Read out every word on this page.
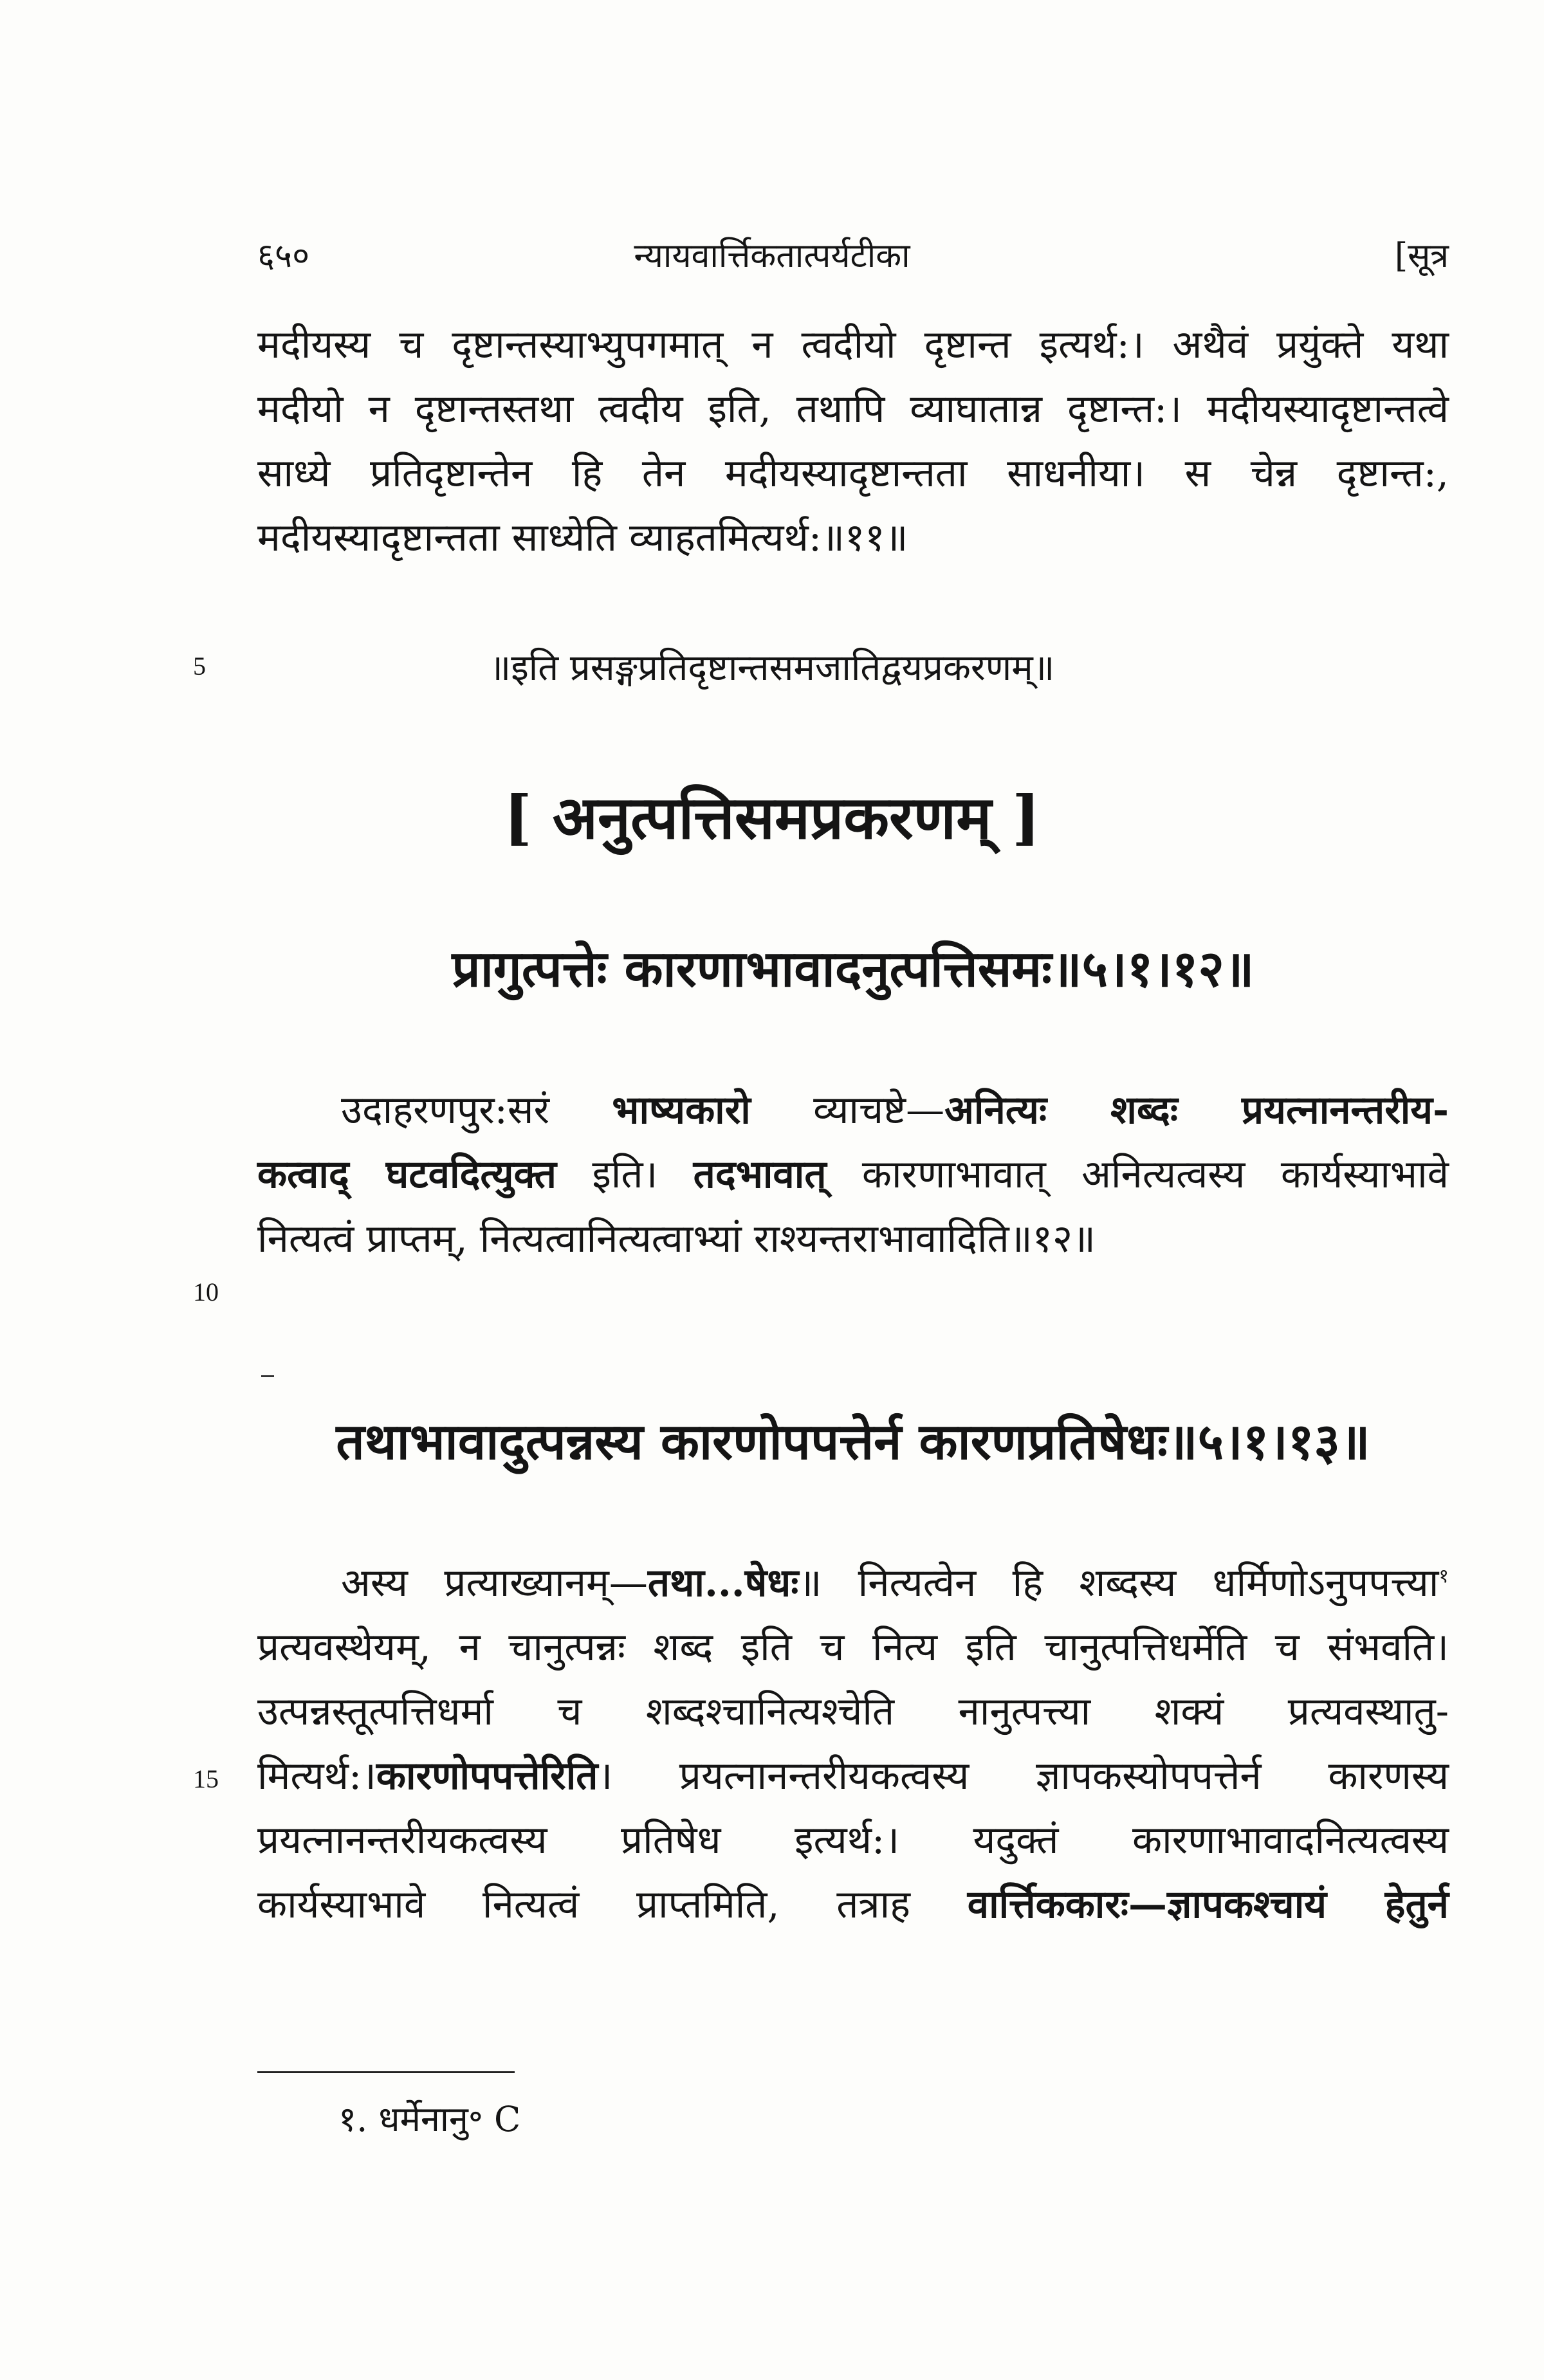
६५०	न्यायवार्त्तिकतात्पर्यटीका	[सूत्र
मदीयस्य च दृष्टान्तस्याभ्युपगमात् न त्वदीयो दृष्टान्त इत्यर्थ:। अथैवं प्रयुंक्ते यथा
मदीयो न दृष्टान्तस्तथा त्वदीय इति, तथापि व्याघातान्न दृष्टान्त:। मदीयस्यादृष्टान्तत्वे
साध्ये प्रतिदृष्टान्तेन हि तेन मदीयस्यादृष्टान्तता साधनीया। स चेन्न दृष्टान्त:,
मदीयस्यादृष्टान्तता साध्येति व्याहतमित्यर्थ:॥११॥
5	॥इति प्रसङ्गप्रतिदृष्टान्तसमजातिद्वयप्रकरणम्॥
[ अनुत्पत्तिसमप्रकरणम् ]
प्रागुत्पत्तेः कारणाभावादनुत्पत्तिसमः॥५।१।१२॥
उदाहरणपुर:सरं भाष्यकारो व्याचष्टे—अनित्यः शब्दः प्रयत्नानन्तरीय-
कत्वाद् घटवदित्युक्त इति। तदभावात् कारणाभावात् अनित्यत्वस्य कार्यस्याभावे
नित्यत्वं प्राप्तम्, नित्यत्वानित्यत्वाभ्यां राश्यन्तराभावादिति॥१२॥
10
तथाभावादुत्पन्नस्य कारणोपपत्तेर्न कारणप्रतिषेधः॥५।१।१३॥
अस्य प्रत्याख्यानम्—तथा...षेधः॥ नित्यत्वेन हि शब्दस्य धर्मिणोऽनुपपत्त्या$^१$
प्रत्यवस्थेयम्, न चानुत्पन्नः शब्द इति च नित्य इति चानुत्पत्तिधर्मेति च संभवति।
उत्पन्नस्तूत्पत्तिधर्मा च शब्दश्चानित्यश्चेति नानुत्पत्त्या शक्यं प्रत्यवस्थातु-
मित्यर्थ:।कारणोपपत्तेरिति। प्रयत्नानन्तरीयकत्वस्य ज्ञापकस्योपपत्तेर्न कारणस्य
प्रयत्नानन्तरीयकत्वस्य प्रतिषेध इत्यर्थ:। यदुक्तं कारणाभावादनित्यत्वस्य
कार्यस्याभावे नित्यत्वं प्राप्तमिति, तत्राह वार्त्तिककारः—ज्ञापकश्चायं हेतुर्न
15
१. धर्मेनानु॰ C
